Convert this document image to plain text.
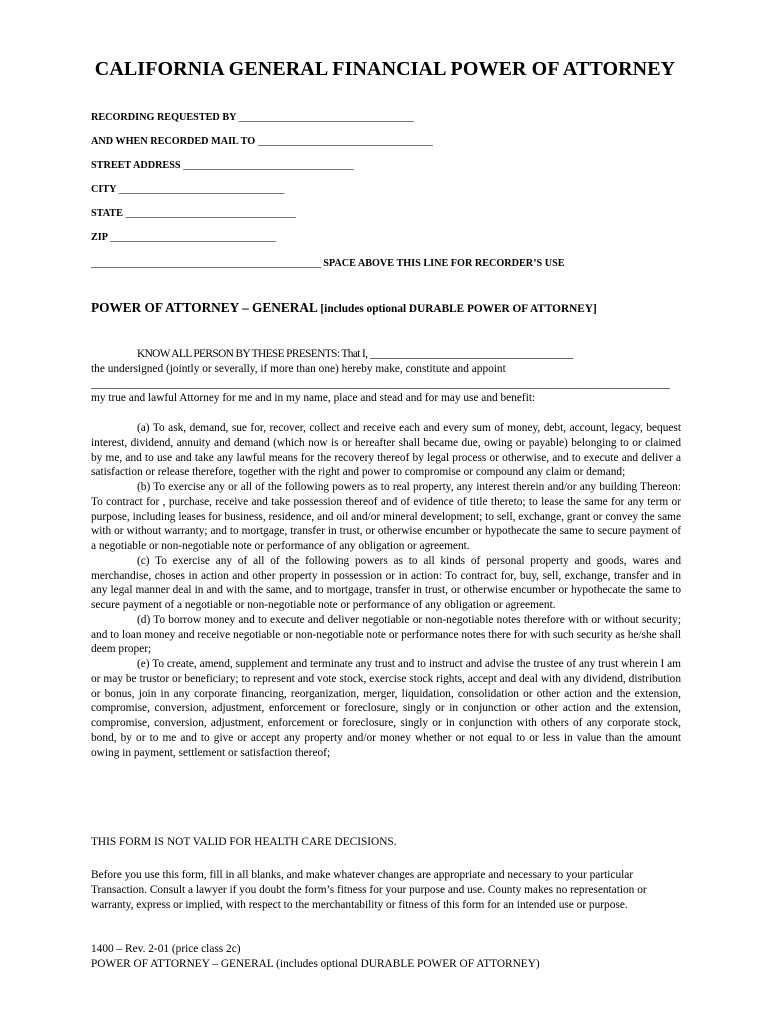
CALIFORNIA GENERAL FINANCIAL POWER OF ATTORNEY
RECORDING REQUESTED BY ______________________________________
AND WHEN RECORDED MAIL TO ______________________________________
STREET ADDRESS _____________________________________
CITY ____________________________________
STATE _____________________________________
ZIP ____________________________________
__________________________________________________ SPACE ABOVE THIS LINE FOR RECORDER’S USE
POWER OF ATTORNEY – GENERAL [includes optional DURABLE POWER OF ATTORNEY]

KNOW ALL PERSON BY THESE PRESENTS: That I, ________________________________________

the undersigned (jointly or severally, if more than one) hereby make, constitute and appoint

__________________________________________________________________________________________________________________

my true and lawful Attorney for me and in my name, place and stead and for may use and benefit:

(a) To ask, demand, sue for, recover, collect and receive each and every sum of money, debt, account, legacy, bequest interest, dividend, annuity and demand (which now is or hereafter shall became due, owing or payable) belonging to or claimed by me, and to use and take any lawful means for the recovery thereof by legal process or otherwise, and to execute and deliver a satisfaction or release therefore, together with the right and power to compromise or compound any claim or demand;

(b) To exercise any or all of the following powers as to real property, any interest therein and/or any building Thereon: To contract for , purchase, receive and take possession thereof and of evidence of title thereto; to lease the same for any term or purpose, including leases for business, residence, and oil and/or mineral development; to sell, exchange, grant or convey the same with or without warranty; and to mortgage, transfer in trust, or otherwise encumber or hypothecate the same to secure payment of a negotiable or non-negotiable note or performance of any obligation or agreement.

(c) To exercise any of all of the following powers as to all kinds of personal property and goods, wares and merchandise, choses in action and other property in possession or in action: To contract for, buy, sell, exchange, transfer and in any legal manner deal in and with the same, and to mortgage, transfer in trust, or otherwise encumber or hypothecate the same to secure payment of a negotiable or non-negotiable note or performance of any obligation or agreement.

(d) To borrow money and to execute and deliver negotiable or non-negotiable notes therefore with or without security; and to loan money and receive negotiable or non-negotiable note or performance notes there for with such security as he/she shall deem proper;

(e) To create, amend, supplement and terminate any trust and to instruct and advise the trustee of any trust wherein I am or may be trustor or beneficiary; to represent and vote stock, exercise stock rights, accept and deal with any dividend, distribution or bonus, join in any corporate financing, reorganization, merger, liquidation, consolidation or other action and the extension, compromise, conversion, adjustment, enforcement or foreclosure, singly or in conjunction or other action and the extension, compromise, conversion, adjustment, enforcement or foreclosure, singly or in conjunction with others of any corporate stock, bond, by or to me and to give or accept any property and/or money whether or not equal to or less in value than the amount owing in payment, settlement or satisfaction thereof;

THIS FORM IS NOT VALID FOR HEALTH CARE DECISIONS.
Before you use this form, fill in all blanks, and make whatever changes are appropriate and necessary to your particular Transaction. Consult a lawyer if you doubt the form’s fitness for your purpose and use. County makes no representation or warranty, express or implied, with respect to the merchantability or fitness of this form for an intended use or purpose.
1400 – Rev. 2-01 (price class 2c)
POWER OF ATTORNEY – GENERAL (includes optional DURABLE POWER OF ATTORNEY)
